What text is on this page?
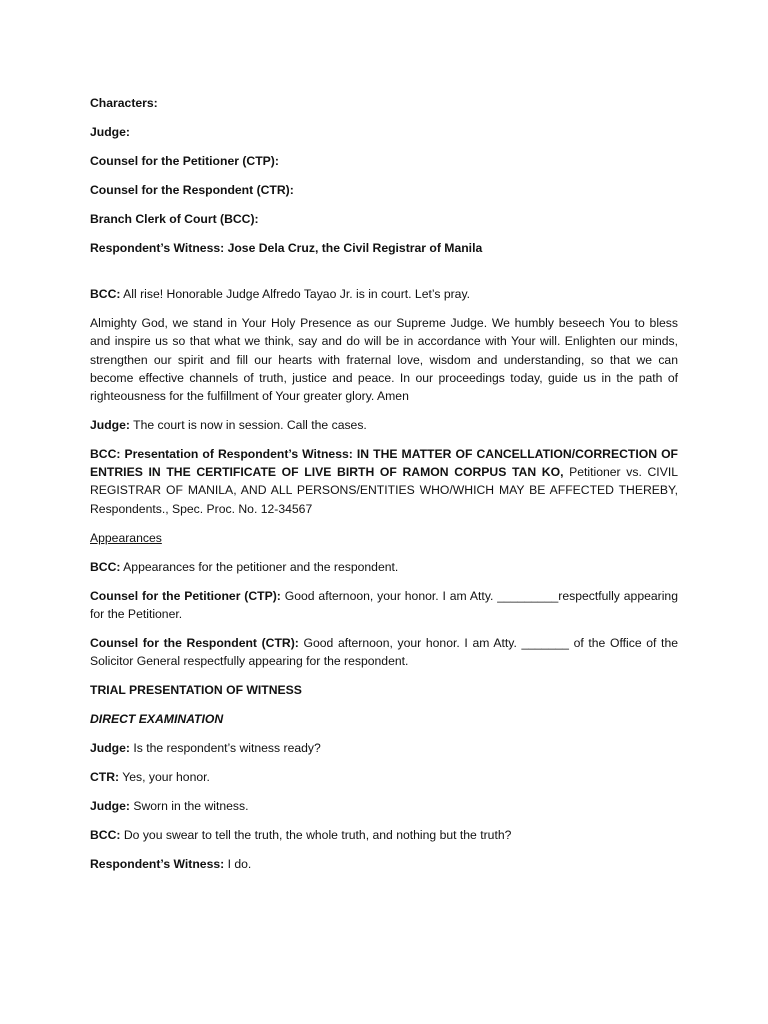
Characters:

Judge:

Counsel for the Petitioner (CTP):

Counsel for the Respondent (CTR):

Branch Clerk of Court (BCC):

Respondent’s Witness: Jose Dela Cruz, the Civil Registrar of Manila

BCC: All rise! Honorable Judge Alfredo Tayao Jr. is in court. Let’s pray.

Almighty God, we stand in Your Holy Presence as our Supreme Judge. We humbly beseech You to bless and inspire us so that what we think, say and do will be in accordance with Your will. Enlighten our minds, strengthen our spirit and fill our hearts with fraternal love, wisdom and understanding, so that we can become effective channels of truth, justice and peace. In our proceedings today, guide us in the path of righteousness for the fulfillment of Your greater glory. Amen

Judge: The court is now in session. Call the cases.

BCC: Presentation of Respondent’s Witness: IN THE MATTER OF CANCELLATION/CORRECTION OF ENTRIES IN THE CERTIFICATE OF LIVE BIRTH OF RAMON CORPUS TAN KO, Petitioner vs. CIVIL REGISTRAR OF MANILA, AND ALL PERSONS/ENTITIES WHO/WHICH MAY BE AFFECTED THEREBY, Respondents., Spec. Proc. No. 12-34567

Appearances

BCC: Appearances for the petitioner and the respondent.

Counsel for the Petitioner (CTP): Good afternoon, your honor. I am Atty. _________respectfully appearing for the Petitioner.

Counsel for the Respondent (CTR): Good afternoon, your honor. I am Atty. _______ of the Office of the Solicitor General respectfully appearing for the respondent.

TRIAL PRESENTATION OF WITNESS

DIRECT EXAMINATION

Judge: Is the respondent’s witness ready?

CTR: Yes, your honor.

Judge: Sworn in the witness.

BCC: Do you swear to tell the truth, the whole truth, and nothing but the truth?

Respondent’s Witness: I do.
